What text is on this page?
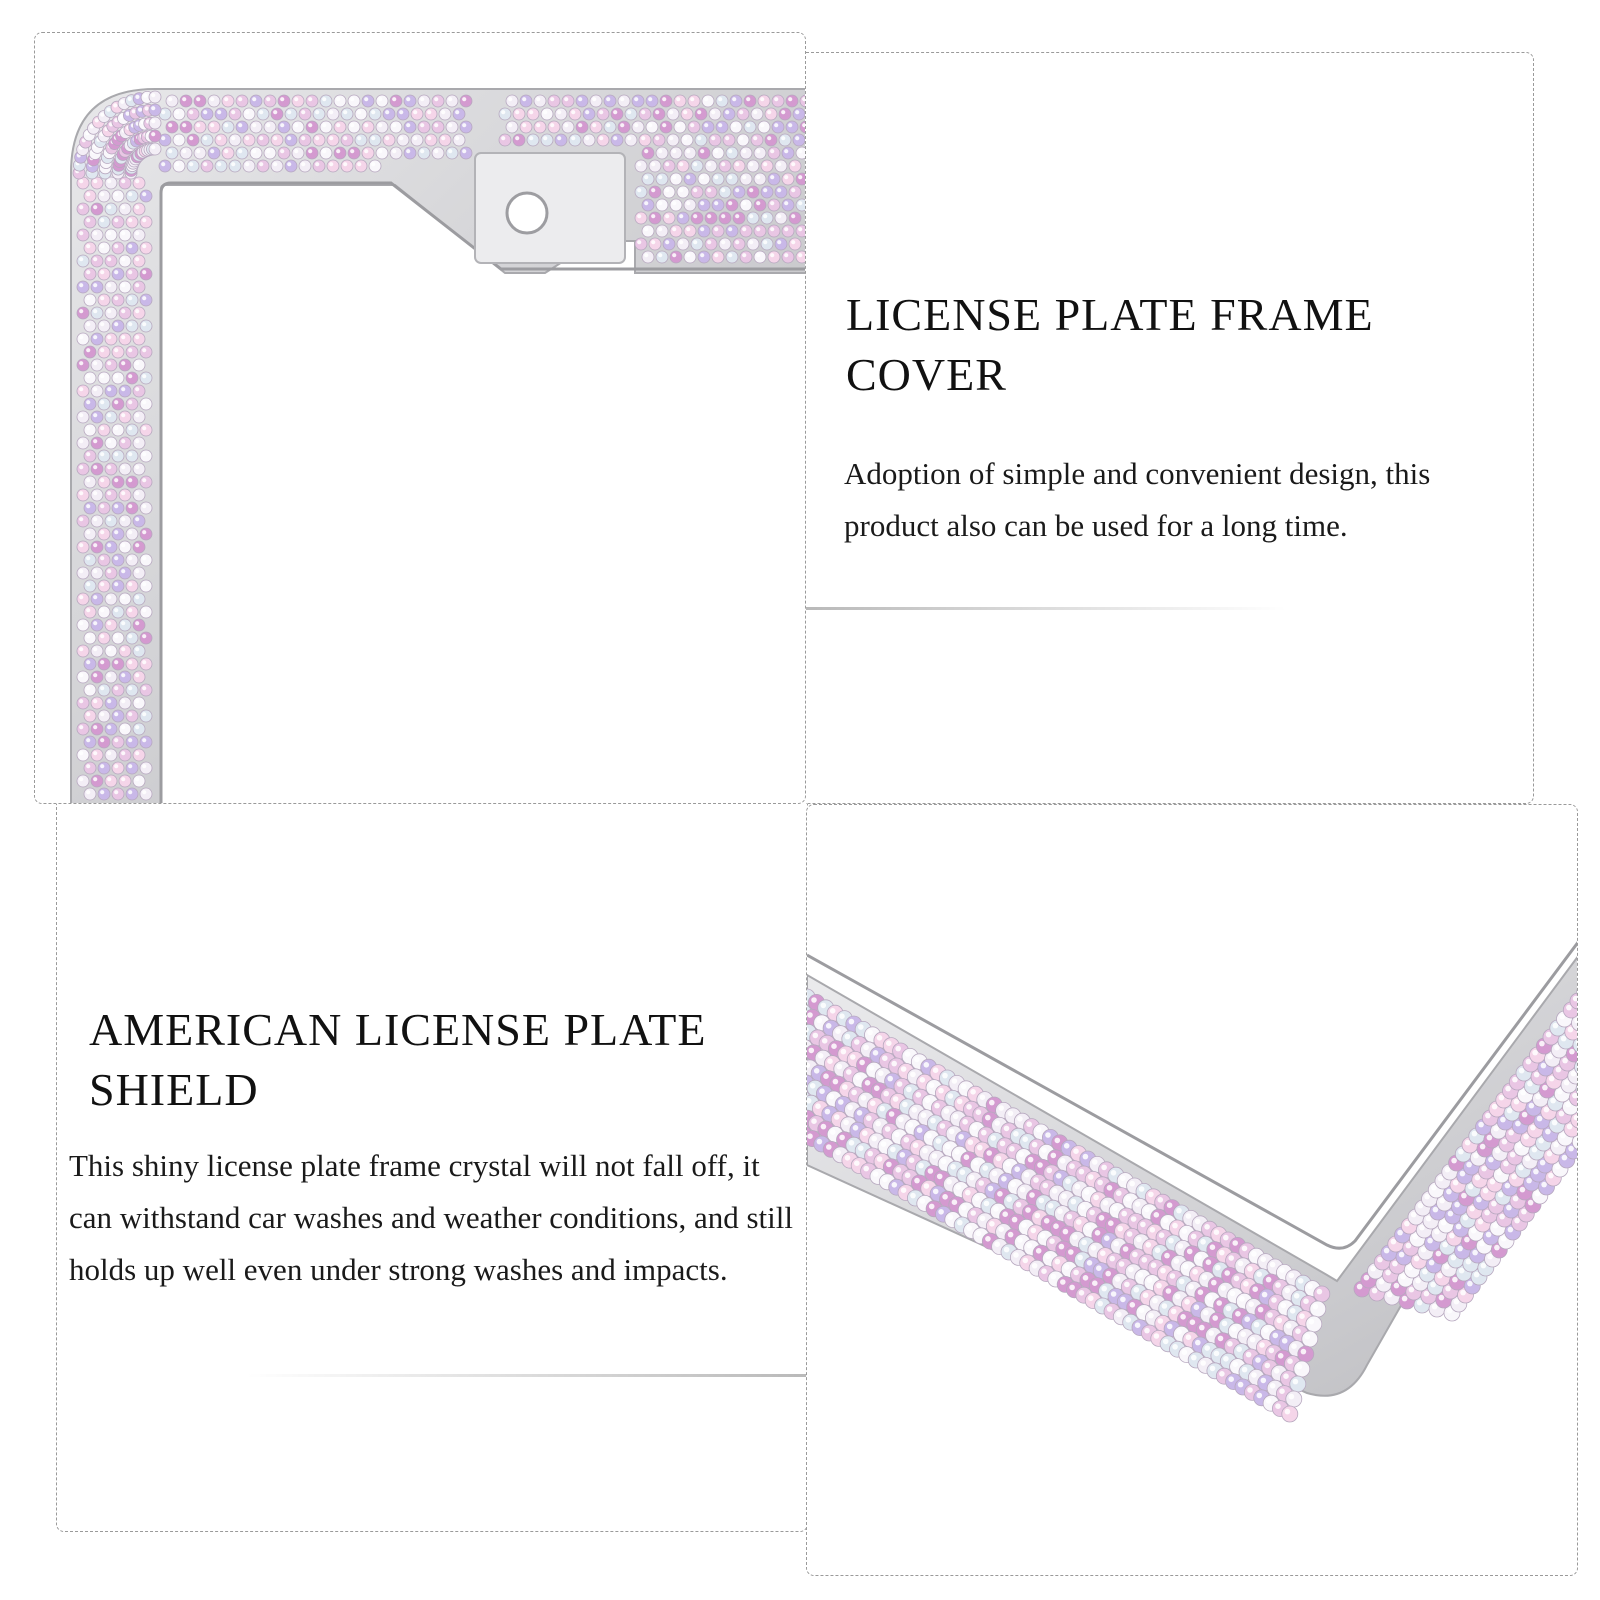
LICENSE PLATE FRAME COVER

Adoption of simple and convenient design, this product also can be used for a long time.

AMERICAN LICENSE PLATE SHIELD

This shiny license plate frame crystal will not fall off, it can withstand car washes and weather conditions, and still holds up well even under strong washes and impacts.
